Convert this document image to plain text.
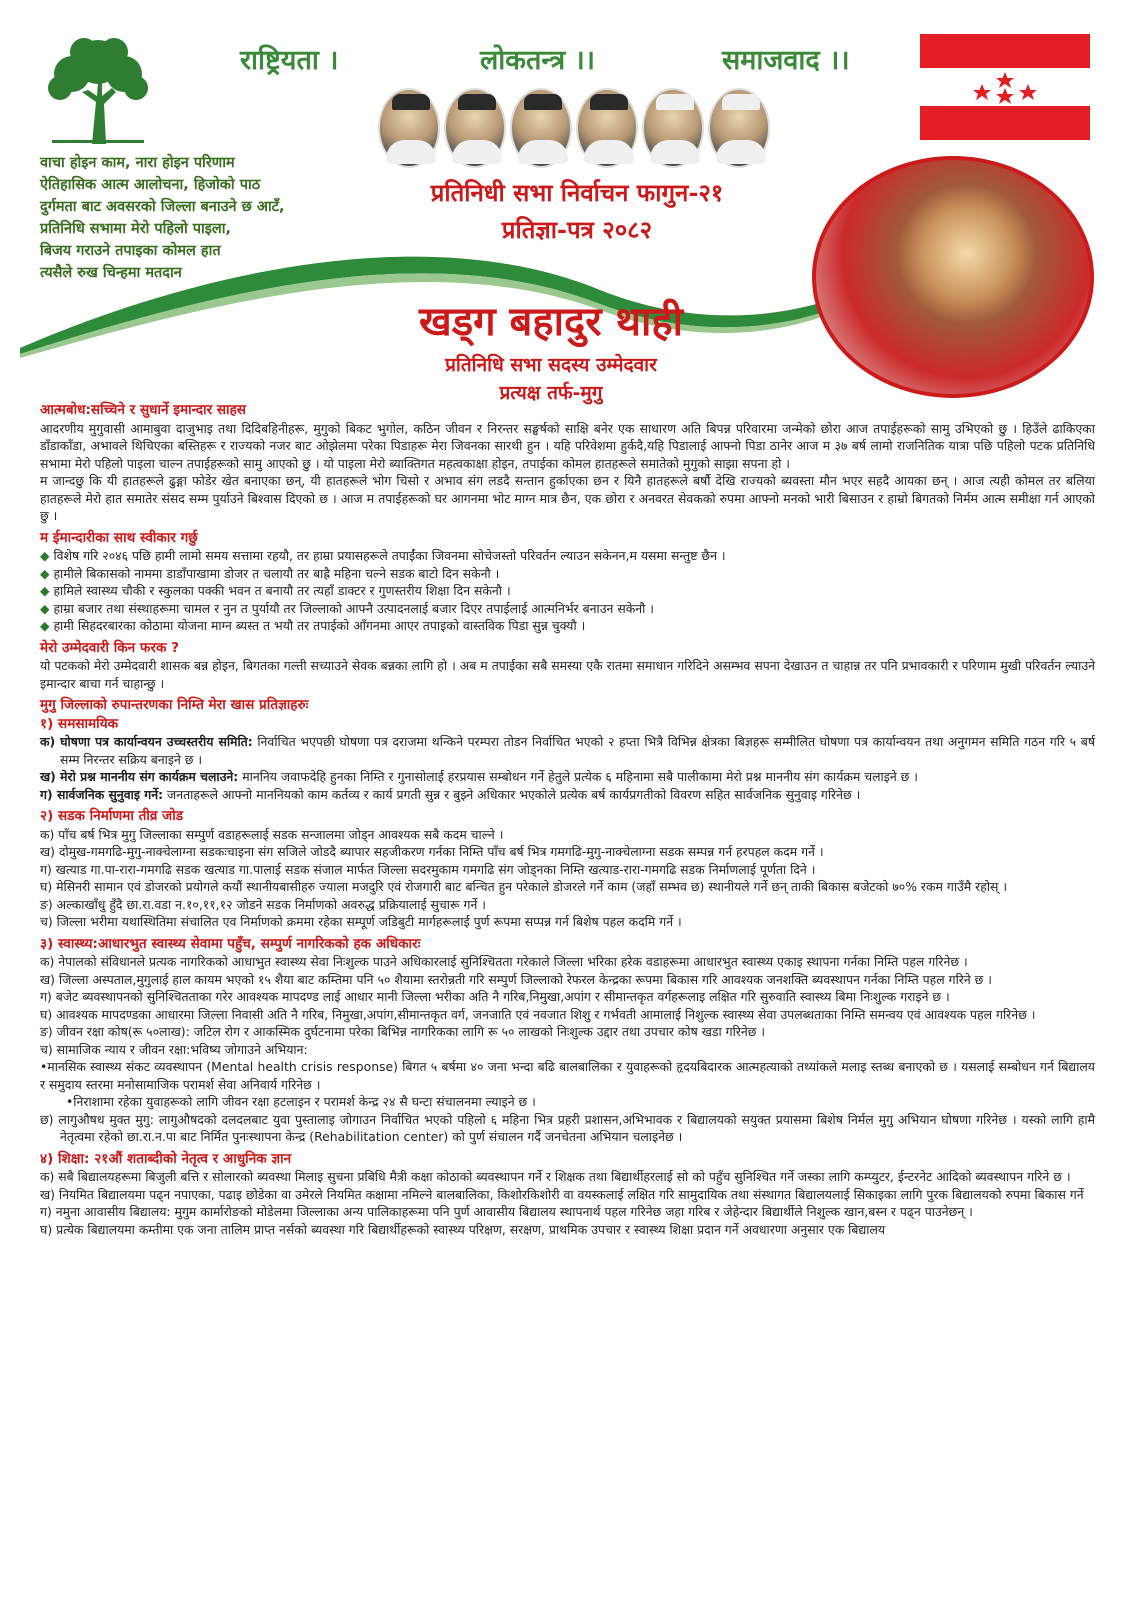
राष्ट्रियता ।	लोकतन्त्र ।।	समाजवाद ।।
प्रतिनिधी सभा निर्वाचन फागुन-२१
प्रतिज्ञा-पत्र २०८२
वाचा होइन काम, नारा होइन परिणाम
ऐतिहासिक आत्म आलोचना, हिजोको पाठ
दुर्गमता बाट अवसरको जिल्ला बनाउने छ आटँ,
प्रतिनिधि सभामा मेरो पहिलो पाइला,
बिजय गराउने तपाइका कोमल हात
त्यसैले रुख चिन्हमा मतदान
खड्ग बहादुर थाही
प्रतिनिधि सभा सदस्य उम्मेदवार
प्रत्यक्ष तर्फ-मुगु
आत्मबोध:सच्चिने र सुधार्ने इमान्दार साहस
आदरणीय मुगुवासी आमाबुवा दाजुभाइ तथा दिदिबहिनीहरू, मुगुको बिकट भुगोल, कठिन जीवन र निरन्तर सङ्घर्षको साक्षि बनेर एक साधारण अति बिपन्न परिवारमा जन्मेको छोरा आज तपाईहरूको सामु उभिएको छु । हिउँले ढाकिएका डाँडाकाँडा, अभावले थिचिएका बस्तिहरू र राज्यको नजर बाट ओझेलमा परेका पिडाहरू मेरा जिवनका सारथी हुन । यहि परिवेशमा हुर्कदै,यहि पिडालाई आफ्नो पिडा ठानेर आज म ३७ बर्ष लामो राजनितिक यात्रा पछि पहिलो पटक प्रतिनिधि सभामा मेरो पहिलो पाइला चाल्न तपाईहरूको सामु आएको छु । यो पाइला मेरो ब्याक्तिगत महत्वकाक्षा होइन, तपाईका कोमल हातहरूले समातेको मुगुको साझा सपना हो ।
म जान्दछु कि यी हातहरूले ढुङ्गा फोडेर खेत बनाएका छन्, यी हातहरूले भोग चिसो र अभाव संग लडदै सन्तान हुर्काएका छन र यिनै हातहरूले बर्षौ देखि राज्यको ब्यवस्ता मौन भएर सहदै आयका छन् । आज त्यही कोमल तर बलिया हातहरूले मेरो हात समातेर संसद सम्म पुर्याउने बिश्वास दिएको छ । आज म तपाईहरूको घर आगनमा भोट माग्न मात्र छैन, एक छोरा र अनवरत सेवकको रुपमा आफ्नो मनको भारी बिसाउन र हाम्रो बिगतको निर्मम आत्म समीक्षा गर्न आएको छु ।
म ईमान्दारीका साथ स्वीकार गर्छु
◆ विशेष गरि २०४६ पछि हामी लामो समय सत्तामा रहयौ, तर हाम्रा प्रयासहरूले तपाईंका जिवनमा सोचेजस्तो परिवर्तन ल्याउन सकेनन,म यसमा सन्तुष्ट छैन ।
◆ हामीले बिकासको नाममा डाडाँपाखामा डोजर त चलायौ तर बाह्रै महिना चल्ने सडक बाटो दिन सकेनौ ।
◆ हामिले स्वास्थ्य चौकी र स्कुलका पक्की भवन त बनायौ तर त्यहाँ डाक्टर र गुणस्तरीय शिक्षा दिन सकेनौ ।
◆ हाम्रा बजार तथा संस्थाहरूमा चामल र नुन त पुर्यायौ तर जिल्लाको आफ्नै उत्पादनलाई बजार दिएर तपाईलाई आत्मनिर्भर बनाउन सकेनौ ।
◆ हामी सिहदरबारका कोठामा योजना माग्न ब्यस्त त भयौ तर तपाईको आँगनमा आएर तपाइको वास्तविक पिडा सुन्न चुक्यौ ।
मेरो उम्मेदवारी किन फरक ?
यो पटकको मेरो उम्मेदवारी शासक बन्न होइन, बिगतका गल्ती सच्याउने सेवक बन्नका लागि हो । अब म तपाईका सबै समस्या एकै रातमा समाधान गरिदिने असम्भव सपना देखाउन त चाहान्न तर पनि प्रभावकारी र परिणाम मुखी परिवर्तन ल्याउने इमान्दार बाचा गर्न चाहान्छु ।
मुगु जिल्लाको रुपान्तरणका निम्ति मेरा खास प्रतिज्ञाहरुः
१) समसामयिक
क) घोषणा पत्र कार्यान्वयन उच्चस्तरीय समिति: निर्वाचित भएपछी घोषणा पत्र दराजमा थन्किने परम्परा तोडन निर्वाचित भएको २ हप्ता भित्रै विभिन्न क्षेत्रका बिज्ञहरू सम्मीलित घोषणा पत्र कार्यान्वयन तथा अनुगमन समिति गठन गरि ५ बर्ष सम्म निरन्तर सक्रिय बनाइने छ ।
ख) मेरो प्रश्न माननीय संग कार्यक्रम चलाउने: माननिय जवाफदेहि हुनका निम्ति र गुनासोलाई हरप्रयास सम्बोधन गर्ने हेतुले प्रत्येक ६ महिनामा सबै पालीकामा मेरो प्रश्न माननीय संग कार्यक्रम चलाइने छ ।
ग) सार्वजनिक सुनुवाइ गर्ने: जनताहरूले आफ्नो माननियको काम कर्तव्य र कार्य प्रगती सुन्न र बुझ्ने अधिकार भएकोले प्रत्येक बर्ष कार्यप्रगतीको विवरण सहित सार्वजनिक सुनुवाइ गरिनेछ ।
२) सडक निर्माणमा तीव्र जोड
क) पाँच बर्ष भित्र मुगु जिल्लाका सम्पुर्ण वडाहरूलाई सडक सन्जालमा जोड्न आवश्यक सबै कदम चाल्ने ।
ख) दोमुख-गमगढि-मुगु-नाक्चेलाग्ना सडकःचाइना संग सजिले जोडदै ब्यापार सहजीकरण गर्नका निम्ति पाँच बर्ष भित्र गमगढि-मुगु-नाक्चेलाग्ना सडक सम्पन्न गर्न हरपहल कदम गर्ने ।
ग) खत्याड गा.पा-रारा-गमगढि सडक खत्याड गा.पालाई सडक संजाल मार्फत जिल्ला सदरमुकाम गमगढि संग जोड्नका निम्ति खत्याड-रारा-गमगढि सडक निर्माणलाई पूर्णता दिने ।
घ) मेसिनरी सामान एवं डोजरको प्रयोगले कयौं स्थानीयबासीहरु ज्याला मजदुरि एवं रोजगारी बाट बन्चित हुन परेकाले डोजरले गर्ने काम (जहाँ सम्भव छ) स्थानीयले गर्ने छन् ताकी बिकास बजेटको ७०% रकम गाउँमै रहोस् ।
ङ) अल्काखाँधु हुँदै छा.रा.वडा न.१०,११,१२ जोडने सडक निर्माणको अवरुद्ध प्रक्रियालाई सुचारू गर्ने ।
च) जिल्ला भरीमा यथास्थितिमा संचालित एव निर्माणको क्रममा रहेका सम्पूर्ण जडिबुटी मार्गहरूलाई पुर्ण रूपमा सप्पन्न गर्न बिशेष पहल कदमि गर्ने ।
३) स्वास्थ्य:आधारभुत स्वास्थ्य सेवामा पहुँच, सम्पुर्ण नागरिकको हक अधिकारः
क) नेपालको संविधानले प्रत्यक नागरिकको आधाभुत स्वास्थ्य सेवा निःशुल्क पाउने अधिकारलाई सुनिश्चितता गरेकाले जिल्ला भरिका हरेक वडाहरूमा आधारभुत स्वास्थ्य एकाइ स्थापना गर्नका निम्ति पहल गरिनेछ ।
ख) जिल्ला अस्पताल,मुगुलाई हाल कायम भएको १५ शैया बाट कम्तिमा पनि ५० शैयामा स्तरोन्नती गरि सम्पुर्ण जिल्लाको रेफरल केन्द्रका रूपमा बिकास गरि आवश्यक जनशक्ति ब्यवस्थापन गर्नका निम्ति पहल गरिने छ ।
ग) बजेट ब्यवस्थापनको सुनिश्चितताका गरेर आवश्यक मापदण्ड लाई आधार मानी जिल्ला भरीका अति नै गरिब,निमुखा,अपांग र सीमान्तकृत वर्गहरूलाइ लक्षित गरि सुरुवाति स्वास्थ्य बिमा निःशुल्क गराइने छ ।
घ) आवश्यक मापदण्डका आधारमा जिल्ला निवासी अति नै गरिब, निमुखा,अपांग,सीमान्तकृत वर्ग, जनजाति एवं नवजात शिशु र गर्भवती आमालाई निशुल्क स्वास्थ्य सेवा उपलब्धताका निम्ति समन्वय एवं आवश्यक पहल गरिनेछ ।
ङ) जीवन रक्षा कोष(रू ५०लाख): जटिल रोग र आकस्मिक दुर्घटनामा परेका बिभिन्न नागरिकका लागि रू ५० लाखको निःशुल्क उद्दार तथा उपचार कोष खडा गरिनेछ ।
च) सामाजिक न्याय र जीवन रक्षा:भविष्य जोगाउने अभियान:
•मानसिक स्वास्थ्य संकट व्यवस्थापन (Mental health crisis response) बिगत ५ बर्षमा ४० जना भन्दा बढि बालबालिका र युवाहरूको हृदयबिदारक आत्महत्याको तथ्यांकले मलाइ स्तब्ध बनाएको छ । यसलाई सम्बोधन गर्न बिद्यालय र समुदाय स्तरमा मनोसामाजिक परामर्श सेवा अनिवार्य गरिनेछ ।
•निराशामा रहेका युवाहरूको लागि जीवन रक्षा हटलाइन र परामर्श केन्द्र २४ सै घन्टा संचालनमा ल्याइने छ ।
छ) लागुऔषध मुक्त मुगु: लागुऔषदको दलदलबाट युवा पुस्तालाइ जोगाउन निर्वाचित भएको पहिलो ६ महिना भित्र प्रहरी प्रशासन,अभिभावक र बिद्यालयको सयुक्त प्रयासमा बिशेष निर्मल मुगु अभियान घोषणा गरिनेछ । यस्को लागि हामै नेतृत्वमा रहेको छा.रा.न.पा बाट निर्मित पुनःस्थापना केन्द्र (Rehabilitation center) को पुर्ण संचालन गर्दै जनचेतना अभियान चलाइनेछ ।
४) शिक्षा: २१औं शताब्दीको नेतृत्व र आधुनिक ज्ञान
क) सबै बिद्यालयहरूमा बिजुली बत्ति र सोलारको ब्यवस्था मिलाइ सुचना प्रबिधि मैत्री कक्षा कोठाको ब्यवस्थापन गर्ने र शिक्षक तथा बिद्यार्थीहरलाई सो को पहुँच सुनिश्चित गर्ने जस्का लागि कम्प्युटर, ईन्टरनेट आदिको ब्यवस्थापन गरिने छ ।
ख) नियमित बिद्यालयमा पढ्न नपाएका, पढाइ छोडेका वा उमेरले नियमित कक्षामा नमिल्ने बालबालिका, किशोरकिशोरी वा वयस्कलाई लक्षित गरि सामुदायिक तथा संस्थागत बिद्यालयलाई सिकाइका लागि पुरक बिद्यालयको रुपमा बिकास गर्ने
ग) नमुना आवासीय बिद्यालय: मुगुम कार्मारोङको मोडेलमा जिल्लाका अन्य पालिकाहरूमा पनि पुर्ण आवासीय बिद्यालय स्थापनार्थ पहल गरिनेछ जहा गरिब र जेहेन्दार बिद्यार्थीले निशुल्क खान,बस्न र पढ्न पाउनेछन् ।
घ) प्रत्येक बिद्यालयमा कम्तीमा एक जना तालिम प्राप्त नर्सको ब्यवस्था गरि बिद्यार्थीहरूको स्वास्थ्य परिक्षण, सरक्षण, प्राथमिक उपचार र स्वास्थ्य शिक्षा प्रदान गर्ने अवधारणा अनुसार एक बिद्यालय
